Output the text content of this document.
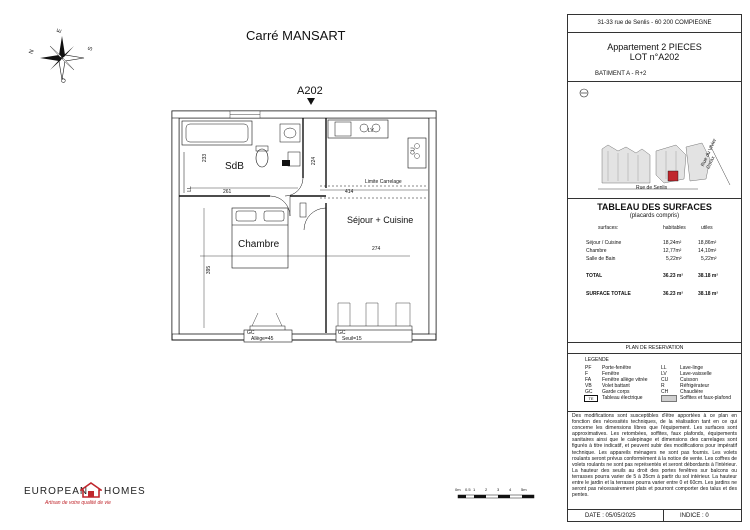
Carré MANSART
N
E
S
O
A202
SdB
Chambre
Séjour + Cuisine
LV
LL
CU
Limite Carrelage
GC
Allège=45
GC
Seuil=15
233
261
224
414
274
395
EUROPEAN HOMES
Artisan de votre qualité de vie
0m 0.5 1 2 3 4 5m
31-33 rue de Senlis - 60 200 COMPIEGNE
Appartement 2 PIECES
LOT n°A202
BATIMENT A - R+2
Rue de Senlis
Rue du Vivier Corax
TABLEAU DES SURFACES
(placards compris)
surfaces:	habitables	utiles
Séjour / Cuisine	18,24m²	18,86m²
Chambre	12,77m²	14,10m²
Salle de Bain	5,22m²	5,22m²
TOTAL	36.23 m²	38.18 m²
SURFACE TOTALE	36.23 m²	38.18 m²
PLAN DE RESERVATION
LEGENDE
PF Porte-fenêtre
F	Fenêtre
FA Fenêtre allège vitrée
VB Volet battant
GC Garde corps
TE	Tableau électrique
LL	Lave-linge
LV	Lave-vaisselle
CU Cuisson
R	Réfrigérateur
CH Chaudière
Soffites et faux-plafond
Des modifications sont susceptibles d'être apportées à ce plan en fonction des nécessités techniques, de la réalisation tant en ce qui concerne les dimensions libres que l'équipement. Les surfaces sont approximatives. Les retombées, soffites, faux plafonds, équipements sanitaires ainsi que le calepinage et dimensions des carrelages sont figurés à titre indicatif, et peuvent subir des modifications pour impératif technique. Les appareils ménagers ne sont pas fournis. Les volets roulants seront prévus conformément à la notice de vente. Les coffres de volets roulants ne sont pas représentés et seront débordants à l'intérieur. La hauteur des seuils au droit des portes fenêtres sur balcons ou terrasses pourra varier de 5 à 35cm à partir du sol intérieur. La hauteur entre le jardin et la terrasse pourra varier entre 0 et 60cm. Les jardins ne seront pas nécessairement plats et pourront comporter des talus et des pentes.
DATE : 05/05/2025	INDICE : 0
